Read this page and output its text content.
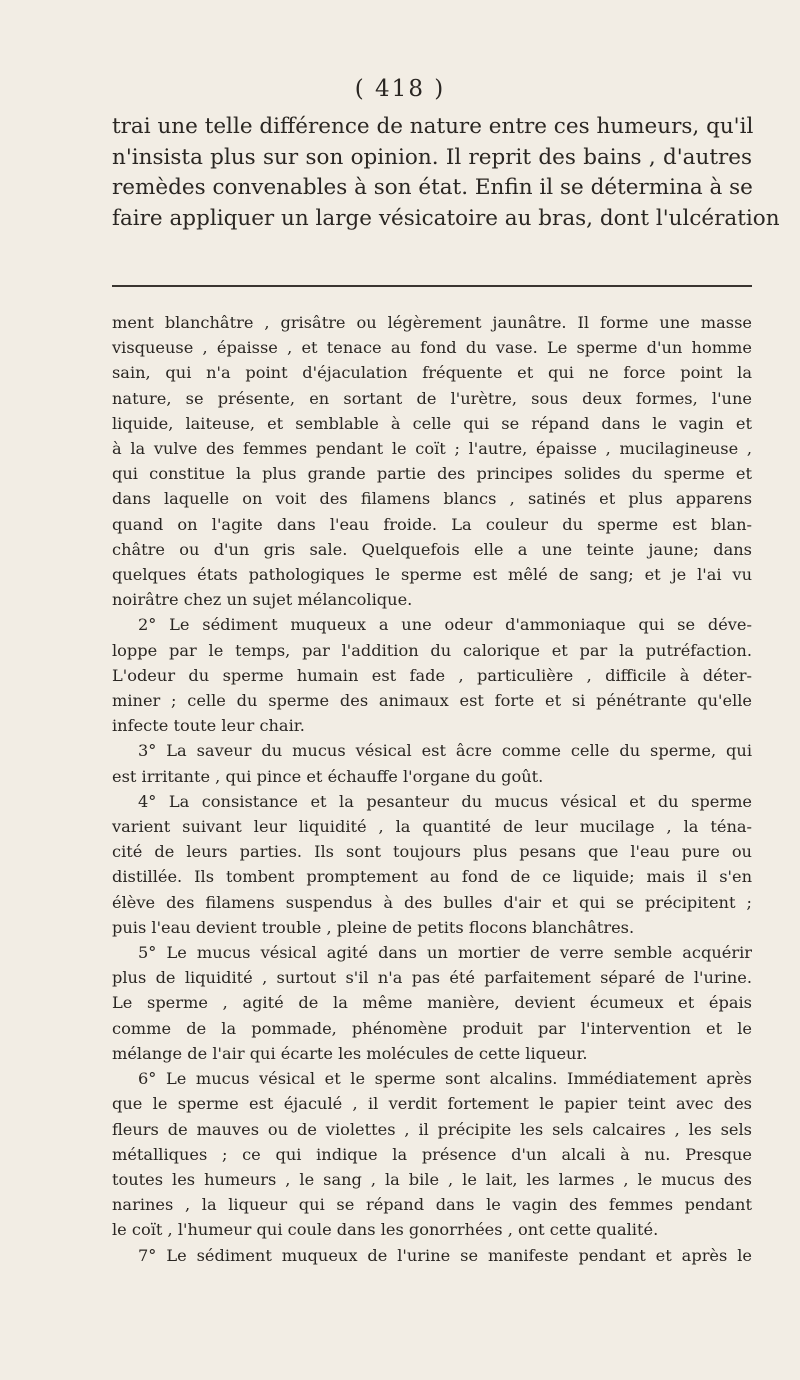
( 418 )
trai une telle différence de nature entre ces humeurs, qu'il
n'insista plus sur son opinion. Il reprit des bains , d'autres
remèdes convenables à son état. Enfin il se détermina à se
faire appliquer un large vésicatoire au bras, dont l'ulcération
ment blanchâtre , grisâtre ou légèrement jaunâtre. Il forme une masse
visqueuse , épaisse , et tenace au fond du vase. Le sperme d'un homme
sain, qui n'a point d'éjaculation fréquente et qui ne force point la
nature, se présente, en sortant de l'urètre, sous deux formes, l'une
liquide, laiteuse, et semblable à celle qui se répand dans le vagin et
à la vulve des femmes pendant le coït ; l'autre, épaisse , mucilagineuse ,
qui constitue la plus grande partie des principes solides du sperme et
dans laquelle on voit des filamens blancs , satinés et plus apparens
quand on l'agite dans l'eau froide. La couleur du sperme est blan-
châtre ou d'un gris sale. Quelquefois elle a une teinte jaune; dans
quelques états pathologiques le sperme est mêlé de sang; et je l'ai vu
noirâtre chez un sujet mélancolique.
2° Le sédiment muqueux a une odeur d'ammoniaque qui se déve-
loppe par le temps, par l'addition du calorique et par la putréfaction.
L'odeur du sperme humain est fade , particulière , difficile à déter-
miner ; celle du sperme des animaux est forte et si pénétrante qu'elle
infecte toute leur chair.
3° La saveur du mucus vésical est âcre comme celle du sperme, qui
est irritante , qui pince et échauffe l'organe du goût.
4° La consistance et la pesanteur du mucus vésical et du sperme
varient suivant leur liquidité , la quantité de leur mucilage , la téna-
cité de leurs parties. Ils sont toujours plus pesans que l'eau pure ou
distillée. Ils tombent promptement au fond de ce liquide; mais il s'en
élève des filamens suspendus à des bulles d'air et qui se précipitent ;
puis l'eau devient trouble , pleine de petits flocons blanchâtres.
5° Le mucus vésical agité dans un mortier de verre semble acquérir
plus de liquidité , surtout s'il n'a pas été parfaitement séparé de l'urine.
Le sperme , agité de la même manière, devient écumeux et épais
comme de la pommade, phénomène produit par l'intervention et le
mélange de l'air qui écarte les molécules de cette liqueur.
6° Le mucus vésical et le sperme sont alcalins. Immédiatement après
que le sperme est éjaculé , il verdit fortement le papier teint avec des
fleurs de mauves ou de violettes , il précipite les sels calcaires , les sels
métalliques ; ce qui indique la présence d'un alcali à nu. Presque
toutes les humeurs , le sang , la bile , le lait, les larmes , le mucus des
narines , la liqueur qui se répand dans le vagin des femmes pendant
le coït , l'humeur qui coule dans les gonorrhées , ont cette qualité.
7° Le sédiment muqueux de l'urine se manifeste pendant et après le
